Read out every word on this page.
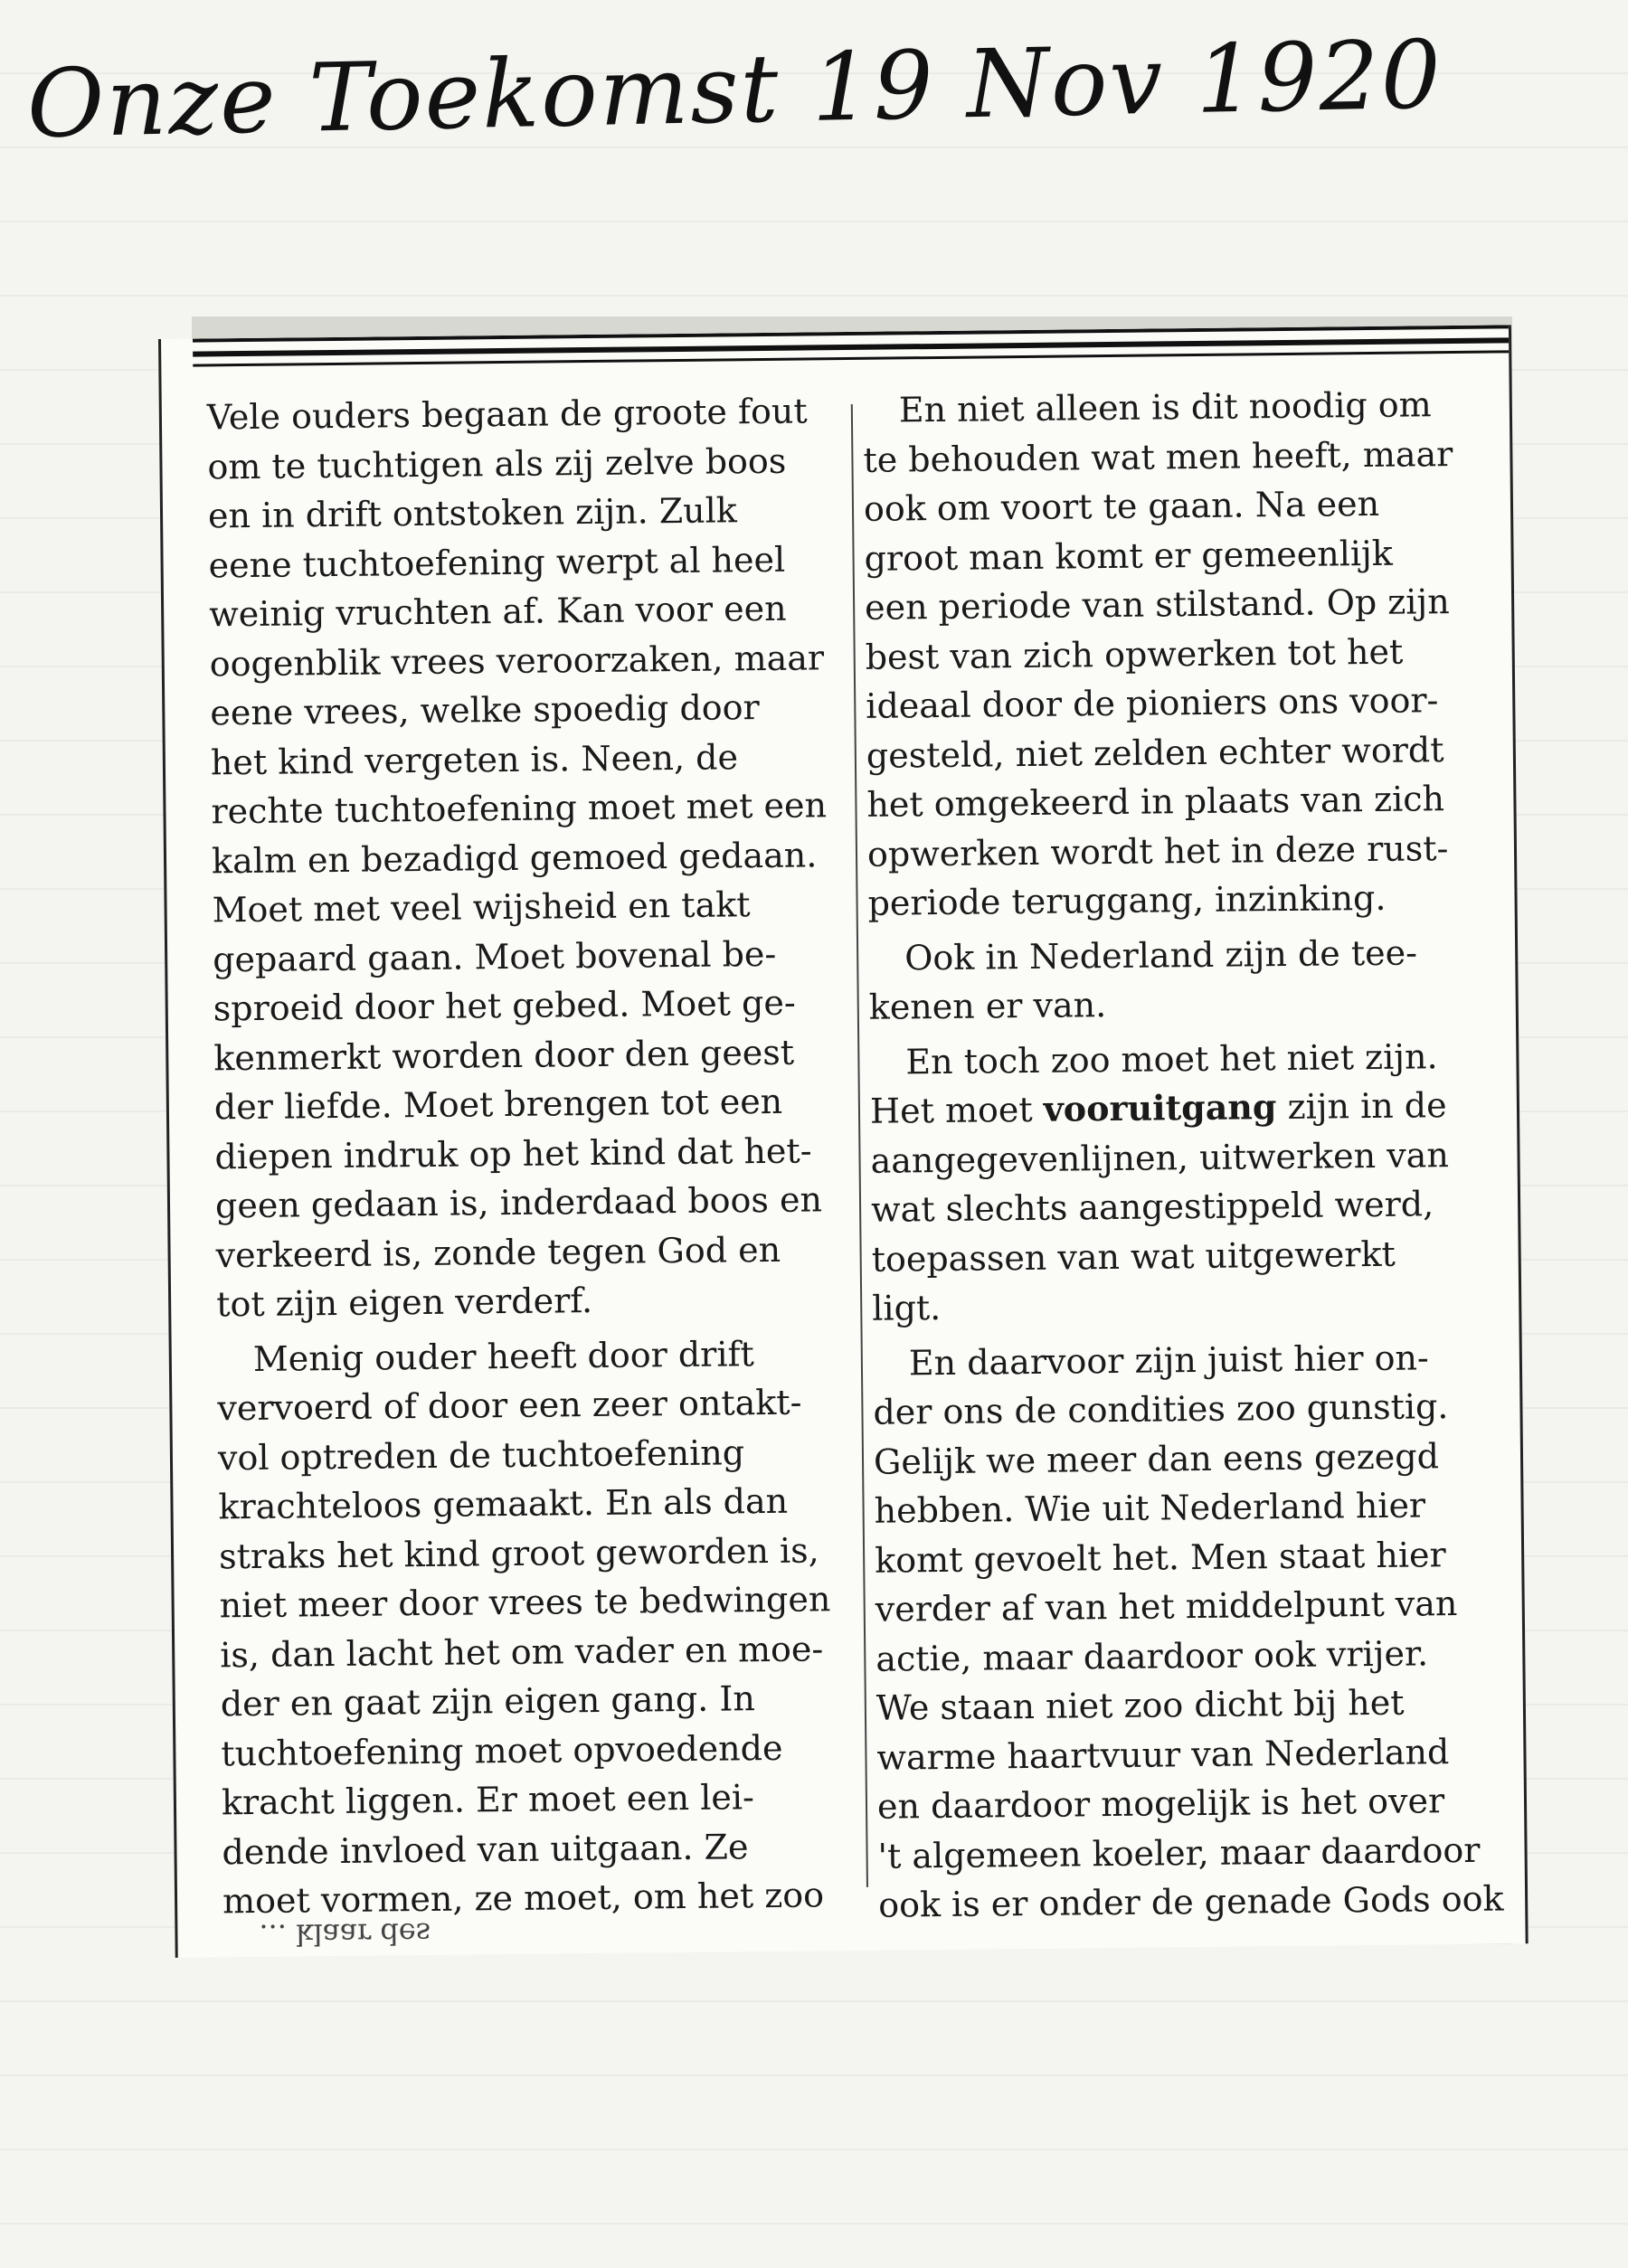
Onze Toekomst 19 Nov 1920
Vele ouders begaan de groote fout
om te tuchtigen als zij zelve boos
en in drift ontstoken zijn. Zulk
eene tuchtoefening werpt al heel
weinig vruchten af. Kan voor een
oogenblik vrees veroorzaken, maar
eene vrees, welke spoedig door
het kind vergeten is. Neen, de
rechte tuchtoefening moet met een
kalm en bezadigd gemoed gedaan.
Moet met veel wijsheid en takt
gepaard gaan. Moet bovenal be-
sproeid door het gebed. Moet ge-
kenmerkt worden door den geest
der liefde. Moet brengen tot een
diepen indruk op het kind dat het-
geen gedaan is, inderdaad boos en
verkeerd is, zonde tegen God en
tot zijn eigen verderf.
Menig ouder heeft door drift
vervoerd of door een zeer ontakt-
vol optreden de tuchtoefening
krachteloos gemaakt. En als dan
straks het kind groot geworden is,
niet meer door vrees te bedwingen
is, dan lacht het om vader en moe-
der en gaat zijn eigen gang. In
tuchtoefening moet opvoedende
kracht liggen. Er moet een lei-
dende invloed van uitgaan. Ze
moet vormen, ze moet, om het zoo
En niet alleen is dit noodig om
te behouden wat men heeft, maar
ook om voort te gaan. Na een
groot man komt er gemeenlijk
een periode van stilstand. Op zijn
best van zich opwerken tot het
ideaal door de pioniers ons voor-
gesteld, niet zelden echter wordt
het omgekeerd in plaats van zich
opwerken wordt het in deze rust-
periode teruggang, inzinking.
Ook in Nederland zijn de tee-
kenen er van.
En toch zoo moet het niet zijn.
Het moet vooruitgang zijn in de
aangegevenlijnen, uitwerken van
wat slechts aangestippeld werd,
toepassen van wat uitgewerkt
ligt.
En daarvoor zijn juist hier on-
der ons de condities zoo gunstig.
Gelijk we meer dan eens gezegd
hebben. Wie uit Nederland hier
komt gevoelt het. Men staat hier
verder af van het middelpunt van
actie, maar daardoor ook vrijer.
We staan niet zoo dicht bij het
warme haartvuur van Nederland
en daardoor mogelijk is het over
't algemeen koeler, maar daardoor
ook is er onder de genade Gods ook
... klaar des
